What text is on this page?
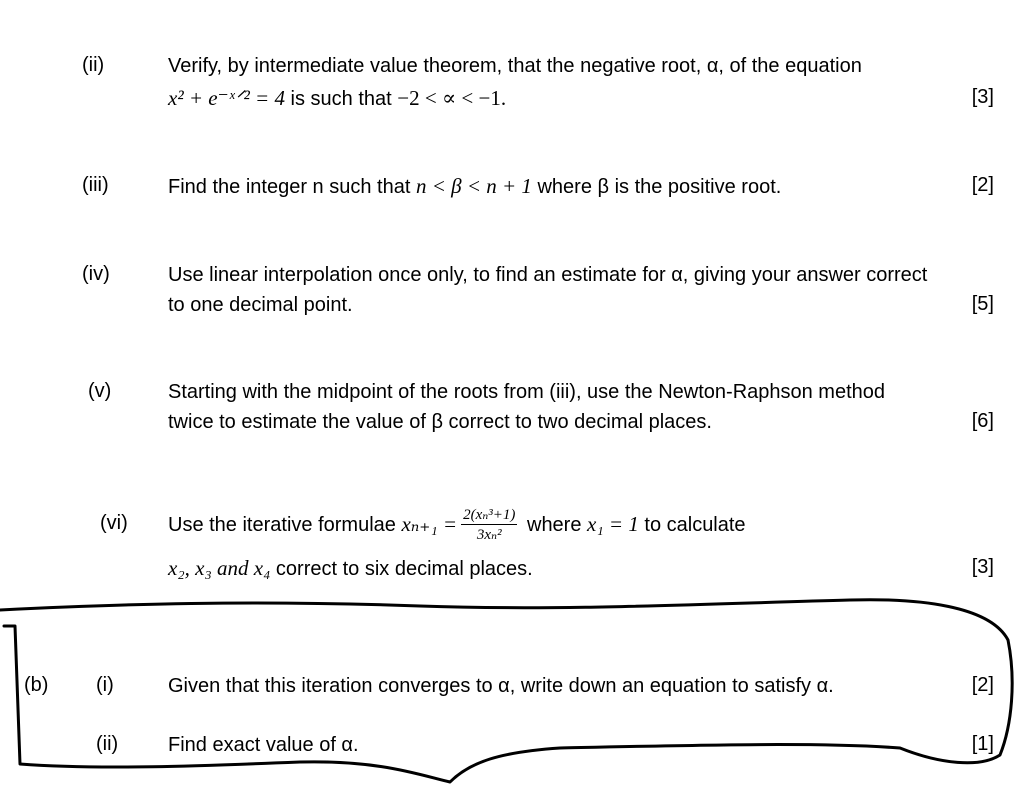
(ii)	Verify, by intermediate value theorem, that the negative root, α, of the equation
x² + e⁻ˣᐟ² = 4 is such that −2 < ∝ < −1.	[3]
(iii)	Find the integer n such that n < β < n + 1 where β is the positive root.	[2]
(iv)	Use linear interpolation once only, to find an estimate for α, giving your answer correct
to one decimal point.	[5]
(v)	Starting with the midpoint of the roots from (iii), use the Newton-Raphson method
twice to estimate the value of β correct to two decimal places.	[6]
(vi) Use the iterative formulae $x_{n+1} = \frac{\text{2(xₙ³+1)}}{\text{3xₙ²}}$ where x₁ = 1 to calculate
x₂, x₃ and x₄ correct to six decimal places.	[3]
(b) (i)	Given that this iteration converges to α, write down an equation to satisfy α.	[2]
(ii) Find exact value of α.	[1]
